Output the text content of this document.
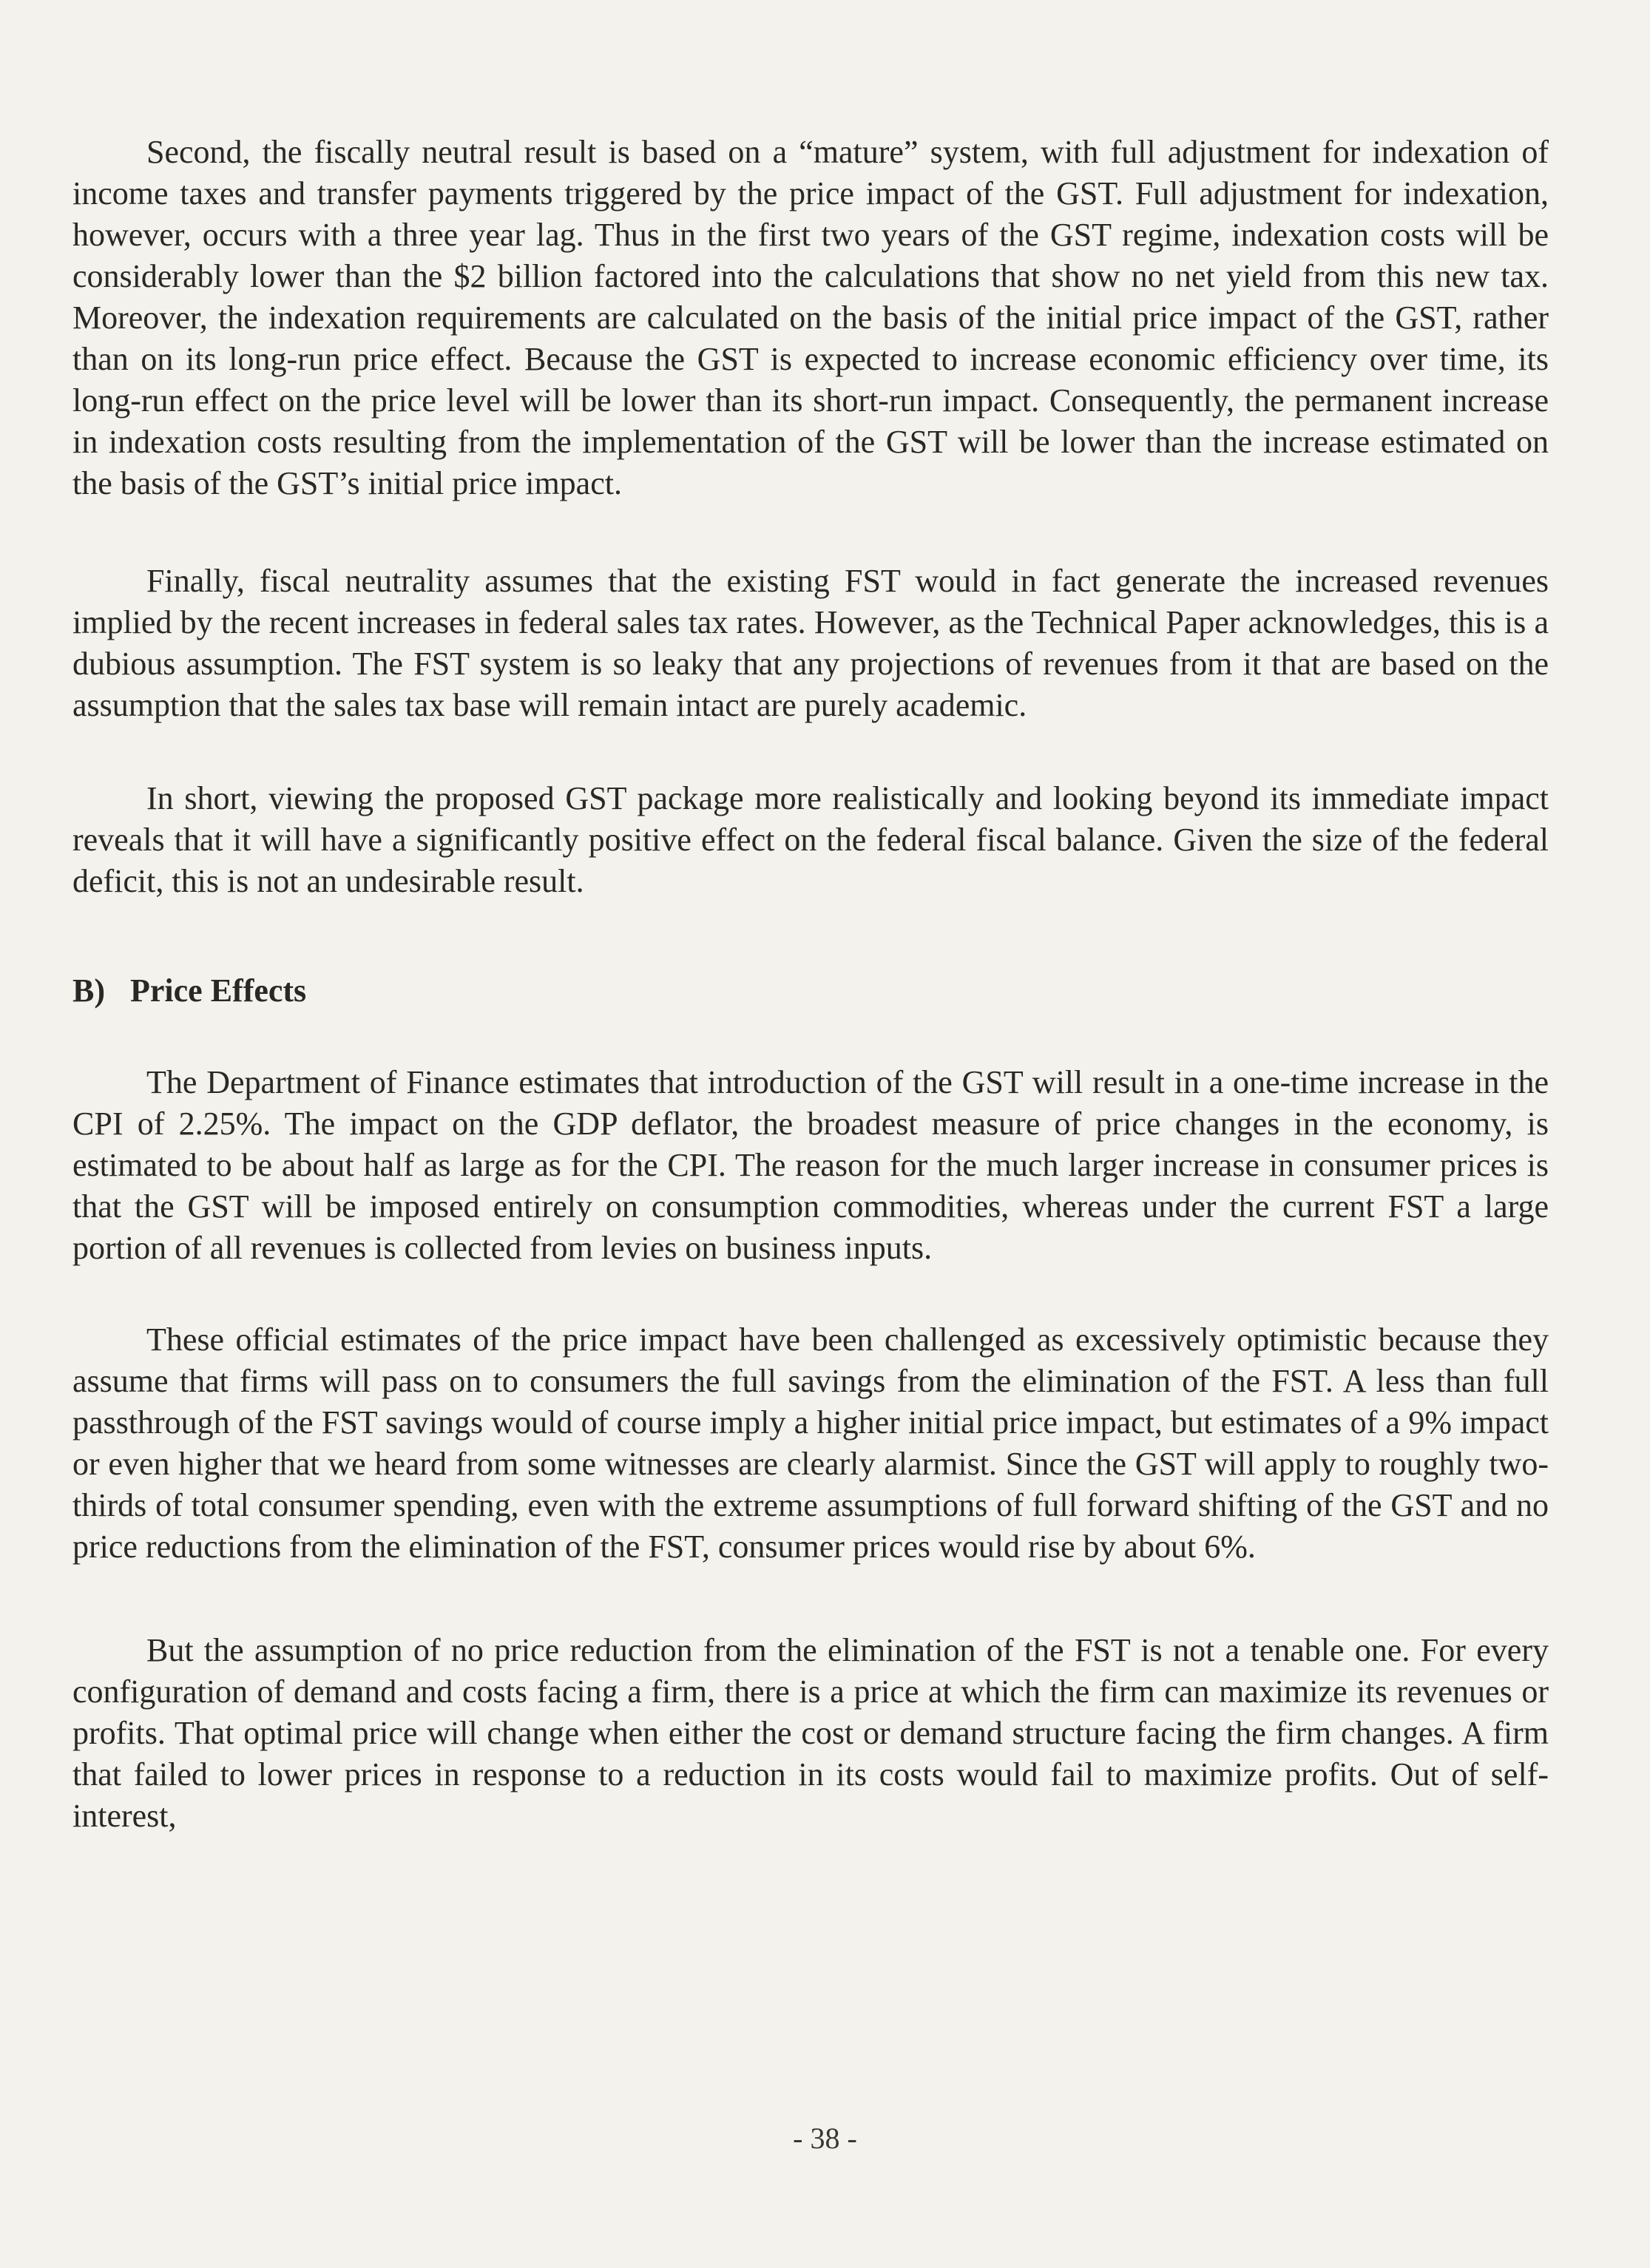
Second, the fiscally neutral result is based on a “mature” system, with full adjustment for indexation of income taxes and transfer payments triggered by the price impact of the GST. Full adjustment for indexation, however, occurs with a three year lag. Thus in the first two years of the GST regime, indexation costs will be considerably lower than the $2 billion factored into the calculations that show no net yield from this new tax. Moreover, the indexation requirements are calculated on the basis of the initial price impact of the GST, rather than on its long-run price effect. Because the GST is expected to increase economic efficiency over time, its long-run effect on the price level will be lower than its short-run impact. Consequently, the permanent increase in indexation costs resulting from the implementation of the GST will be lower than the increase estimated on the basis of the GST’s initial price impact.

Finally, fiscal neutrality assumes that the existing FST would in fact generate the increased revenues implied by the recent increases in federal sales tax rates. However, as the Technical Paper acknowledges, this is a dubious assumption. The FST system is so leaky that any projections of revenues from it that are based on the assumption that the sales tax base will remain intact are purely academic.

In short, viewing the proposed GST package more realistically and looking beyond its immediate impact reveals that it will have a significantly positive effect on the federal fiscal balance. Given the size of the federal deficit, this is not an undesirable result.

B) Price Effects

The Department of Finance estimates that introduction of the GST will result in a one-time increase in the CPI of 2.25%. The impact on the GDP deflator, the broadest measure of price changes in the economy, is estimated to be about half as large as for the CPI. The reason for the much larger increase in consumer prices is that the GST will be imposed entirely on consumption commodities, whereas under the current FST a large portion of all revenues is collected from levies on business inputs.

These official estimates of the price impact have been challenged as excessively optimistic because they assume that firms will pass on to consumers the full savings from the elimination of the FST. A less than full passthrough of the FST savings would of course imply a higher initial price impact, but estimates of a 9% impact or even higher that we heard from some witnesses are clearly alarmist. Since the GST will apply to roughly two-thirds of total consumer spending, even with the extreme assumptions of full forward shifting of the GST and no price reductions from the elimination of the FST, consumer prices would rise by about 6%.

But the assumption of no price reduction from the elimination of the FST is not a tenable one. For every configuration of demand and costs facing a firm, there is a price at which the firm can maximize its revenues or profits. That optimal price will change when either the cost or demand structure facing the firm changes. A firm that failed to lower prices in response to a reduction in its costs would fail to maximize profits. Out of self-interest,

- 38 -
